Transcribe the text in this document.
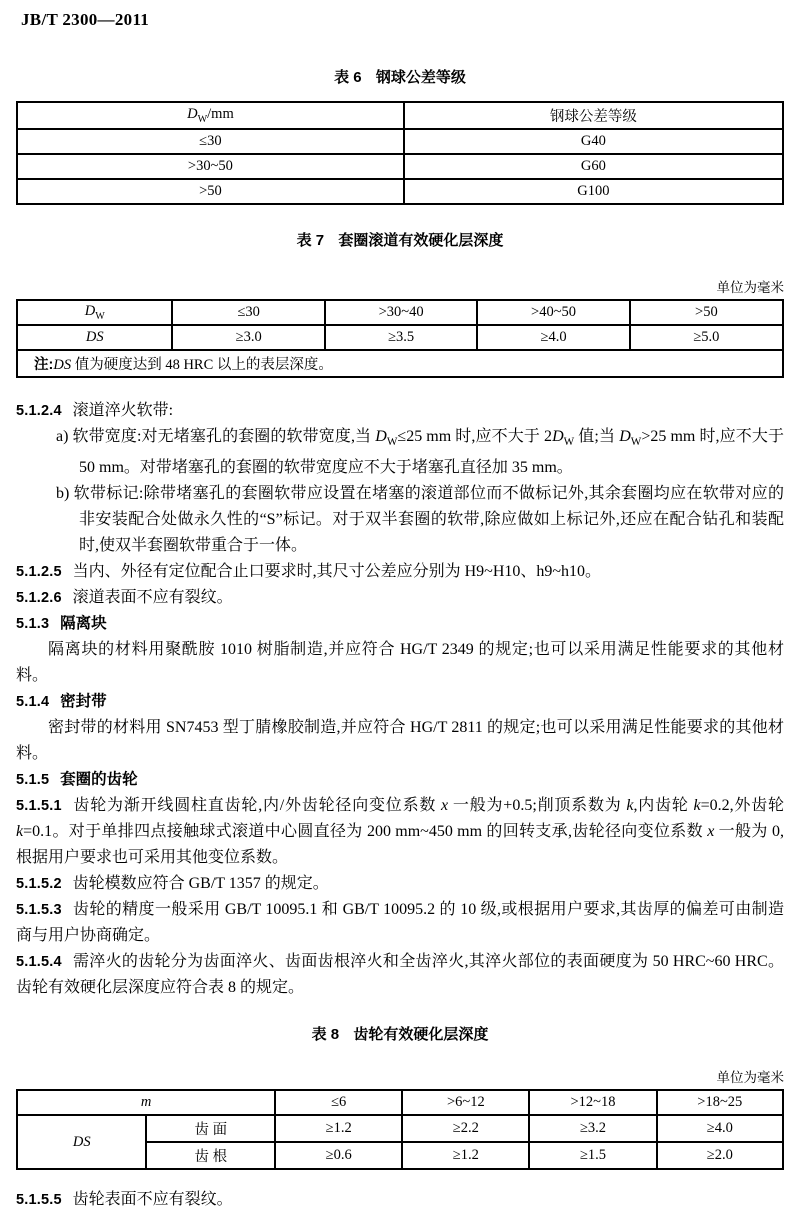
JB/T 2300—2011
表 6 钢球公差等级
$D_W/mm$	钢球公差等级
≤30	G40
>30~50	G60
>50	G100
表 7 套圈滚道有效硬化层深度
单位为毫米
$D_W$	≤30	>30~40	>40~50	>50
DS	≥3.0	≥3.5	≥4.0	≥5.0
注:DS 值为硬度达到 48 HRC 以上的表层深度。				

5.1.2.4 滚道淬火软带:

a) 软带宽度:对无堵塞孔的套圈的软带宽度,当 $D_W\le 25$ mm 时,应不大于 $2D_W$ 值;当 $D_W>25$ mm 时,应不大于 50 mm。对带堵塞孔的套圈的软带宽度应不大于堵塞孔直径加 35 mm。
b) 软带标记:除带堵塞孔的套圈软带应设置在堵塞的滚道部位而不做标记外,其余套圈均应在软带对应的非安装配合处做永久性的“S”标记。对于双半套圈的软带,除应做如上标记外,还应在配合钻孔和装配时,使双半套圈软带重合于一体。

5.1.2.5 当内、外径有定位配合止口要求时,其尺寸公差应分别为 H9~H10、h9~h10。

5.1.2.6 滚道表面不应有裂纹。

5.1.3 隔离块

隔离块的材料用聚酰胺 1010 树脂制造,并应符合 HG/T 2349 的规定;也可以采用满足性能要求的其他材料。

5.1.4 密封带

密封带的材料用 SN7453 型丁腈橡胶制造,并应符合 HG/T 2811 的规定;也可以采用满足性能要求的其他材料。

5.1.5 套圈的齿轮

5.1.5.1 齿轮为渐开线圆柱直齿轮,内/外齿轮径向变位系数 x 一般为+0.5;削顶系数为 k,内齿轮 k=0.2,外齿轮 k=0.1。对于单排四点接触球式滚道中心圆直径为 200 mm~450 mm 的回转支承,齿轮径向变位系数 x 一般为 0,根据用户要求也可采用其他变位系数。

5.1.5.2 齿轮模数应符合 GB/T 1357 的规定。

5.1.5.3 齿轮的精度一般采用 GB/T 10095.1 和 GB/T 10095.2 的 10 级,或根据用户要求,其齿厚的偏差可由制造商与用户协商确定。

5.1.5.4 需淬火的齿轮分为齿面淬火、齿面齿根淬火和全齿淬火,其淬火部位的表面硬度为 50 HRC~60 HRC。齿轮有效硬化层深度应符合表 8 的规定。

表 8 齿轮有效硬化层深度
单位为毫米
m		≤6	>6~12	>12~18	>18~25
DS	齿 面	≥1.2	≥2.2	≥3.2	≥4.0
	齿 根	≥0.6	≥1.2	≥1.5	≥2.0

5.1.5.5 齿轮表面不应有裂纹。
